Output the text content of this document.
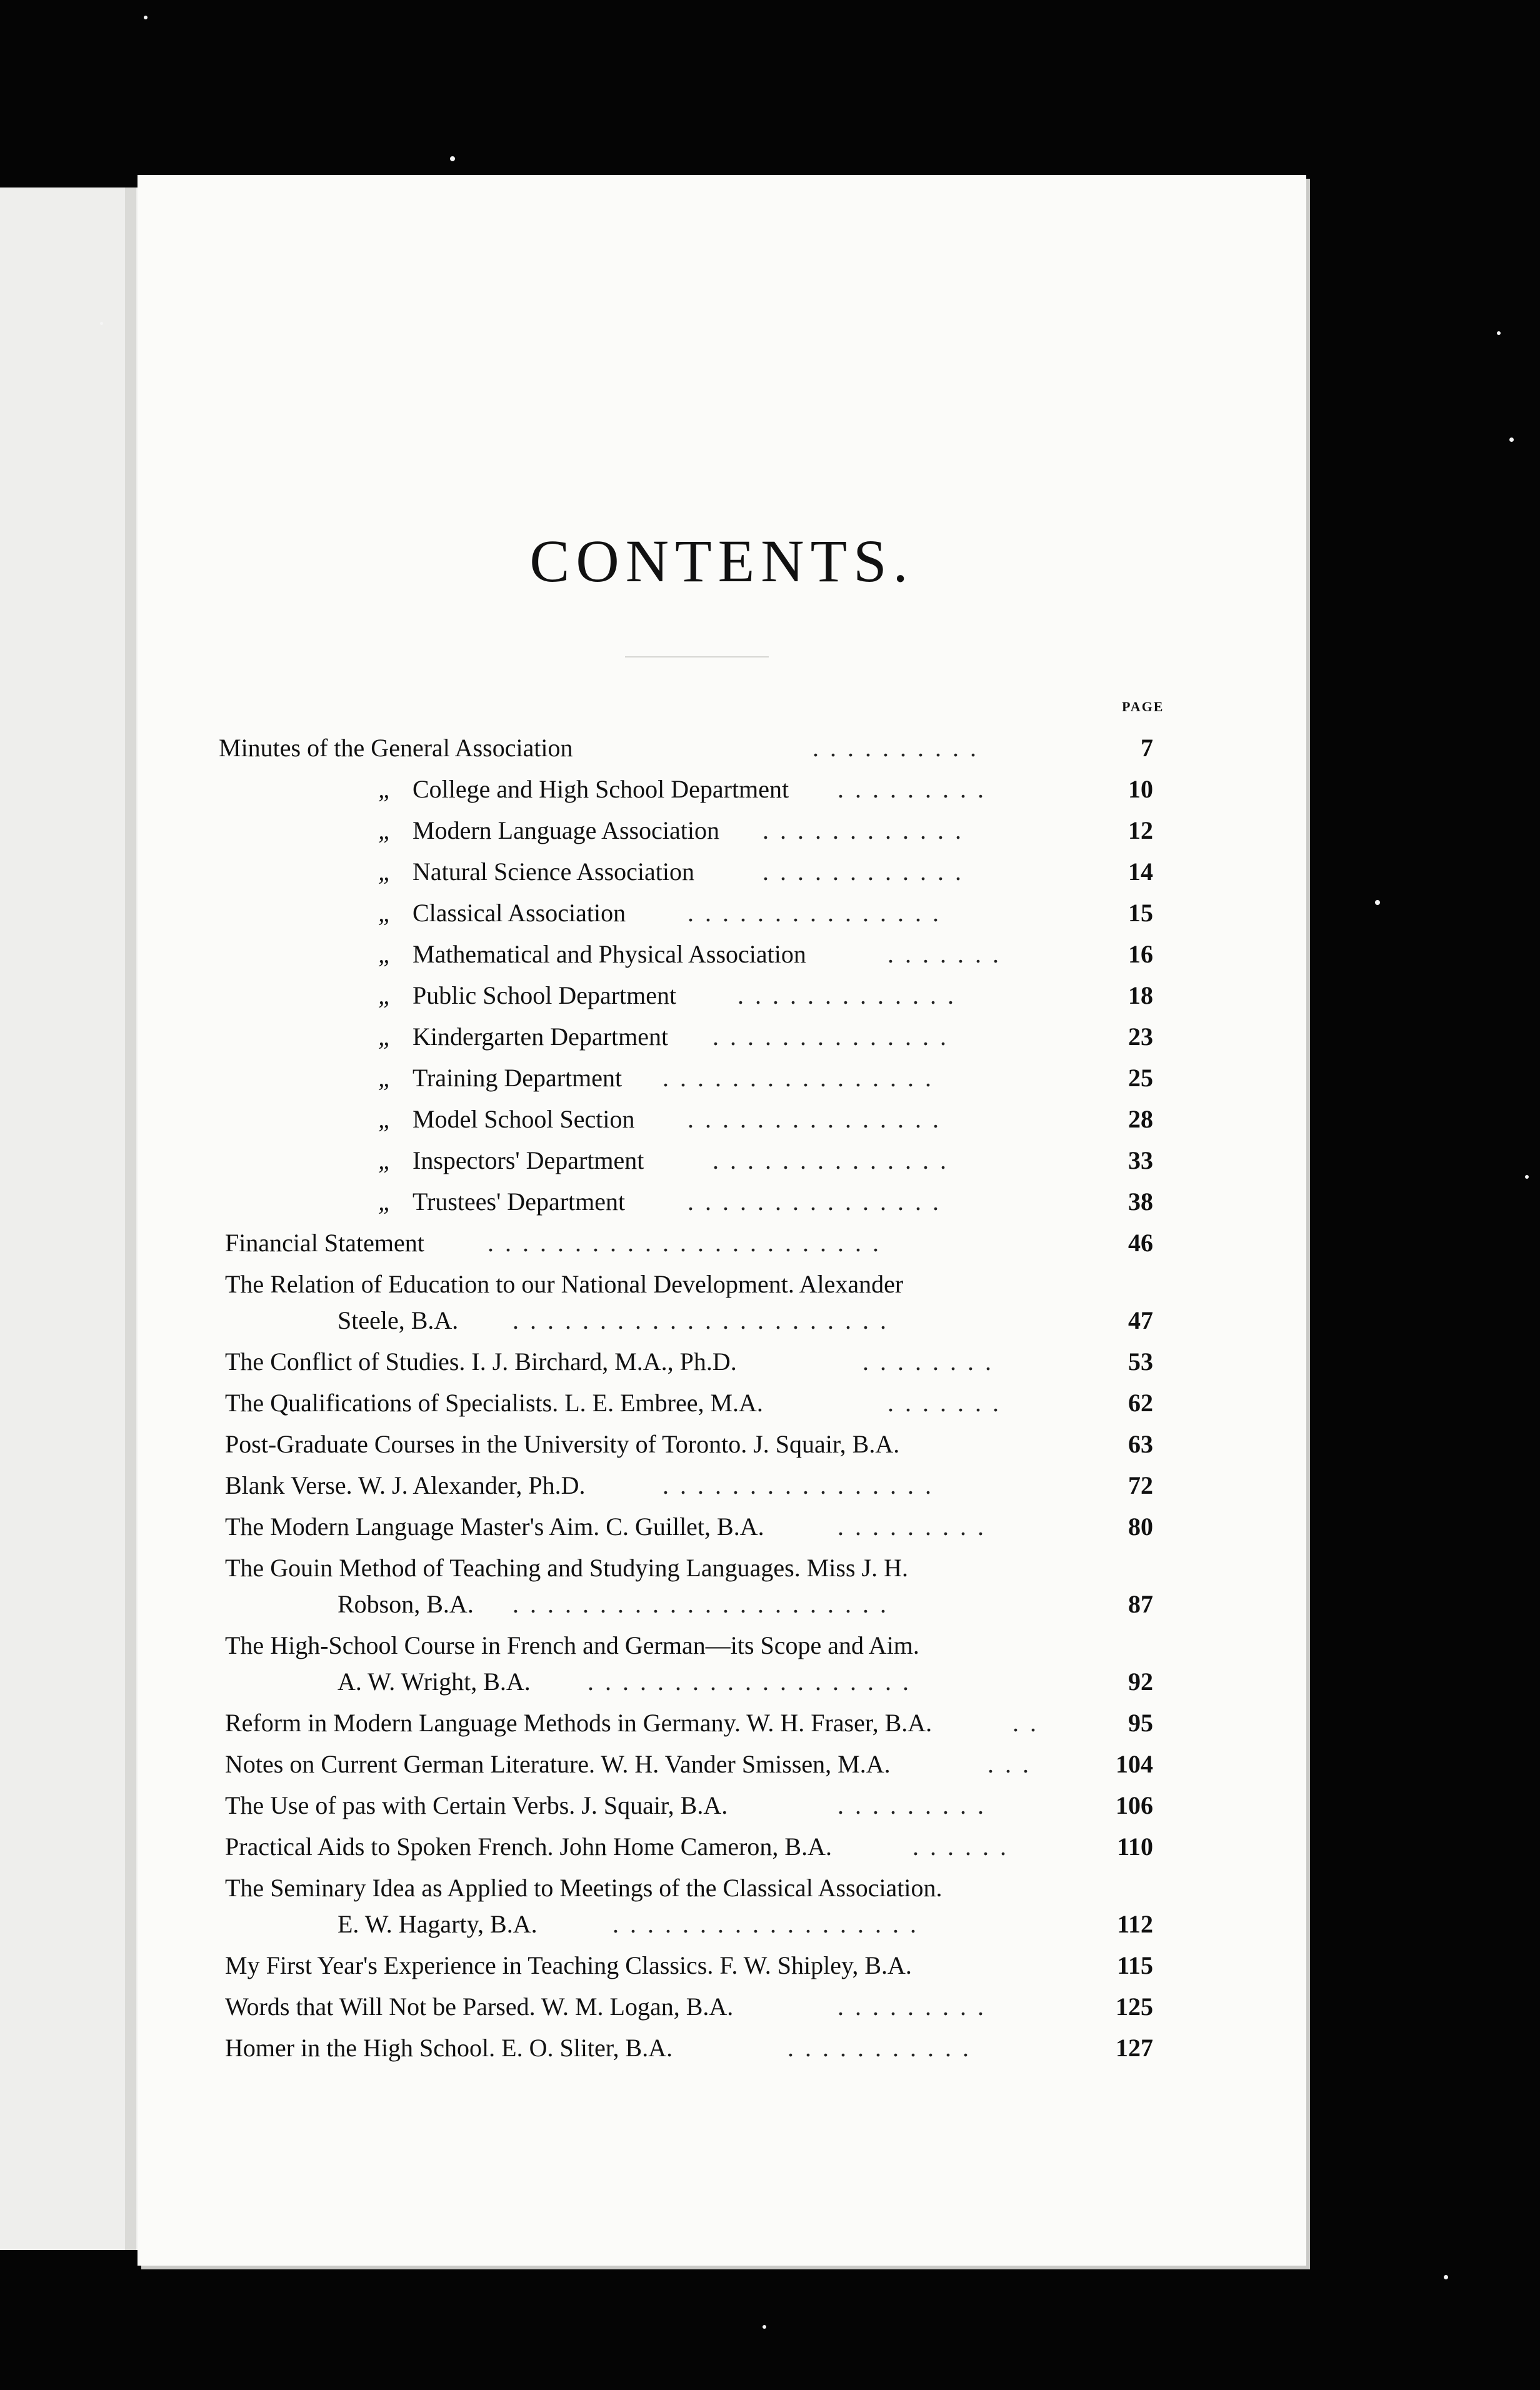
CONTENTS.
PAGE
Minutes of the General Association	..........	7
„ College and High School Department .........	10
„ Modern Language Association ............	12
„ Natural Science Association	............	14
„ Classical Association ...............	15
„ Mathematical and Physical Association	.......	16
„ Public School Department .............	18
„ Kindergarten Department ..............	23
„ Training Department ................	25
„ Model School Section ...............	28
„ Inspectors' Department	..............	33
„ Trustees' Department ...............	38
Financial Statement	.......................	46
The Relation of Education to our National Development. Alexander
Steele, B.A. ......................	47
The Conflict of Studies. I. J. Birchard, M.A., Ph.D.	........	53
The Qualifications of Specialists. L. E. Embree, M.A.	.......	62
Post-Graduate Courses in the University of Toronto. J. Squair, B.A.	63
Blank Verse. W. J. Alexander, Ph.D.	................	72
The Modern Language Master's Aim. C. Guillet, B.A.	.........	80
The Gouin Method of Teaching and Studying Languages. Miss J. H.
Robson, B.A. ......................	87
The High-School Course in French and German—its Scope and Aim.
A. W. Wright, B.A. ...................	92
Reform in Modern Language Methods in Germany. W. H. Fraser, B.A.	..	95
Notes on Current German Literature. W. H. Vander Smissen, M.A.	...	104
The Use of pas with Certain Verbs. J. Squair, B.A.	.........	106
Practical Aids to Spoken French. John Home Cameron, B.A.	......	110
The Seminary Idea as Applied to Meetings of the Classical Association.
E. W. Hagarty, B.A.	..................	112
My First Year's Experience in Teaching Classics. F. W. Shipley, B.A.	115
Words that Will Not be Parsed. W. M. Logan, B.A.	.........	125
Homer in the High School. E. O. Sliter, B.A.	...........	127
